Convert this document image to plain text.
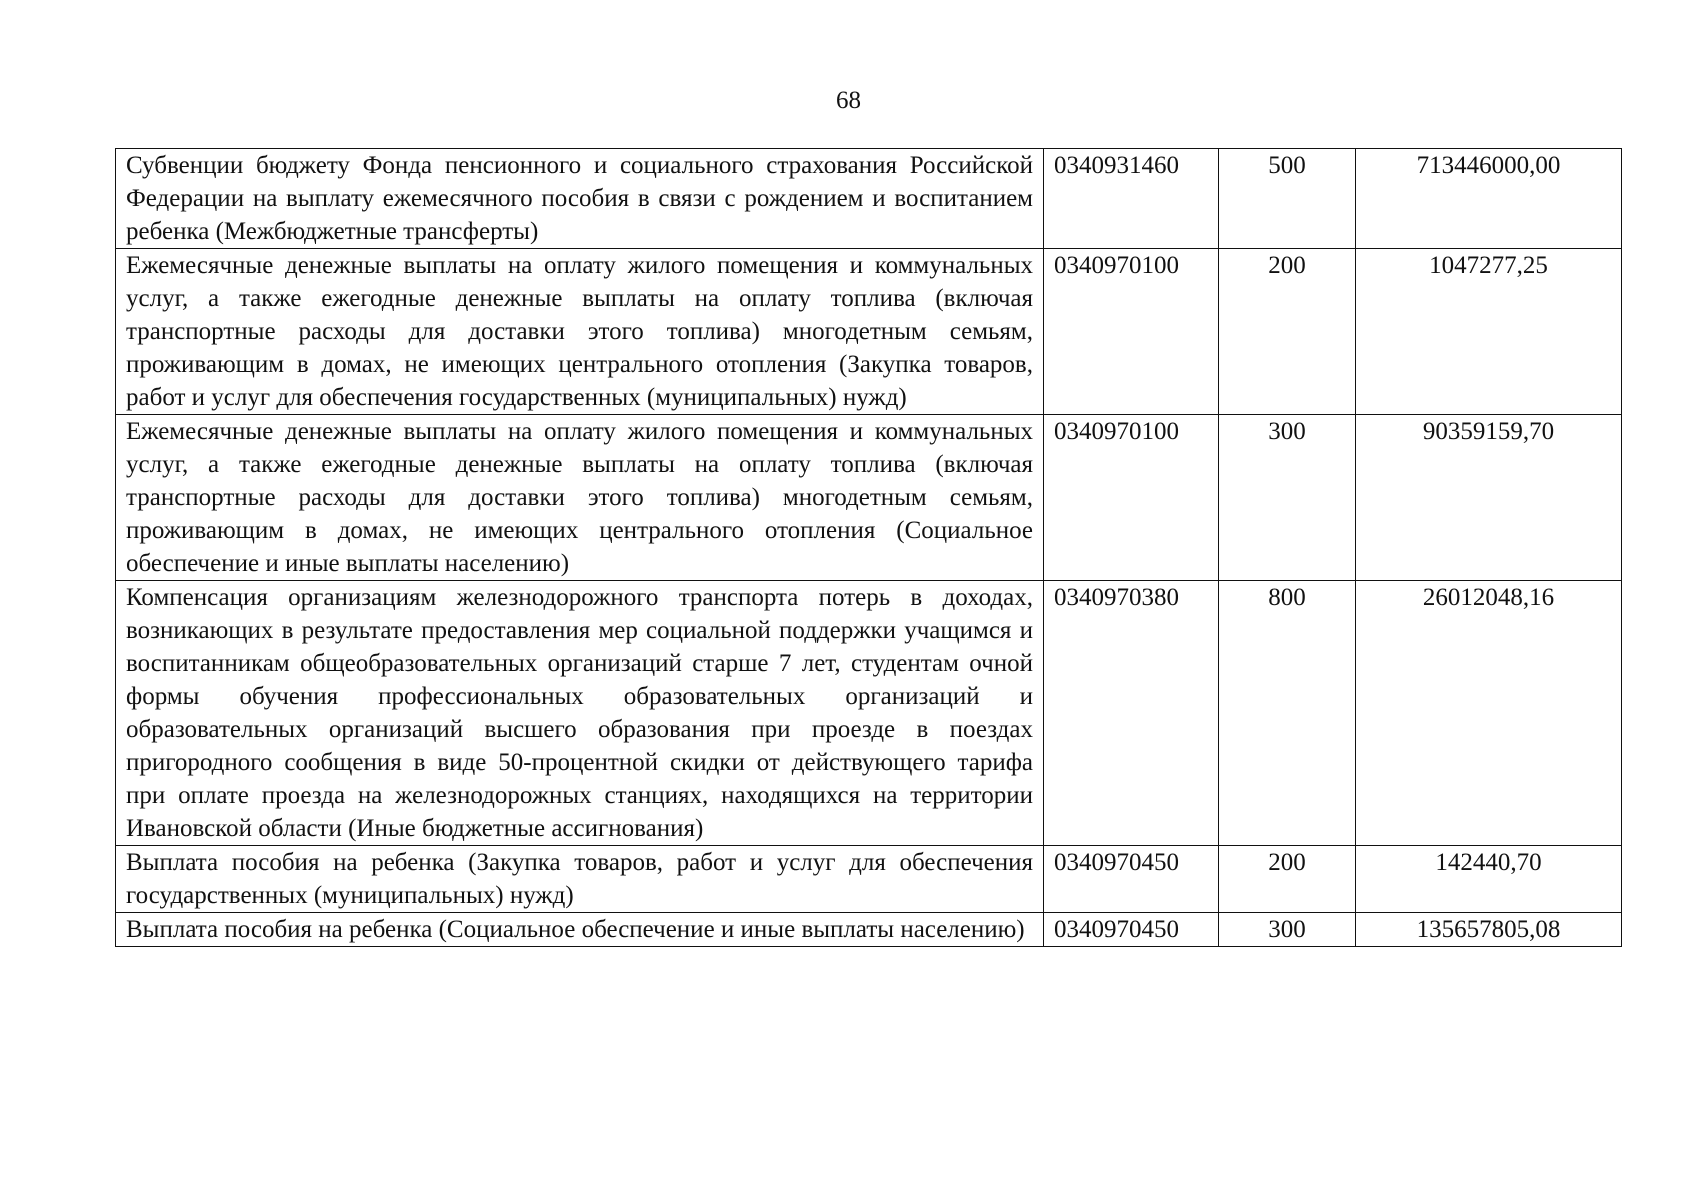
68
Субвенции бюджету Фонда пенсионного и социального страхования Российской Федерации на выплату ежемесячного пособия в связи с рождением и воспитанием ребенка (Межбюджетные трансферты)	0340931460	500	713446000,00
Ежемесячные денежные выплаты на оплату жилого помещения и коммунальных услуг, а также ежегодные денежные выплаты на оплату топлива (включая транспортные расходы для доставки этого топлива) многодетным семьям, проживающим в домах, не имеющих центрального отопления (Закупка товаров, работ и услуг для обеспечения государственных (муниципальных) нужд)	0340970100	200	1047277,25
Ежемесячные денежные выплаты на оплату жилого помещения и коммунальных услуг, а также ежегодные денежные выплаты на оплату топлива (включая транспортные расходы для доставки этого топлива) многодетным семьям, проживающим в домах, не имеющих центрального отопления (Социальное обеспечение и иные выплаты населению)	0340970100	300	90359159,70
Компенсация организациям железнодорожного транспорта потерь в доходах, возникающих в результате предоставления мер социальной поддержки учащимся и воспитанникам общеобразовательных организаций старше 7 лет, студентам очной формы обучения профессиональных образовательных организаций и образовательных организаций высшего образования при проезде в поездах пригородного сообщения в виде 50-процентной скидки от действующего тарифа при оплате проезда на железнодорожных станциях, находящихся на территории Ивановской области (Иные бюджетные ассигнования)	0340970380	800	26012048,16
Выплата пособия на ребенка (Закупка товаров, работ и услуг для обеспечения государственных (муниципальных) нужд)	0340970450	200	142440,70
Выплата пособия на ребенка (Социальное обеспечение и иные выплаты населению)	0340970450	300	135657805,08
